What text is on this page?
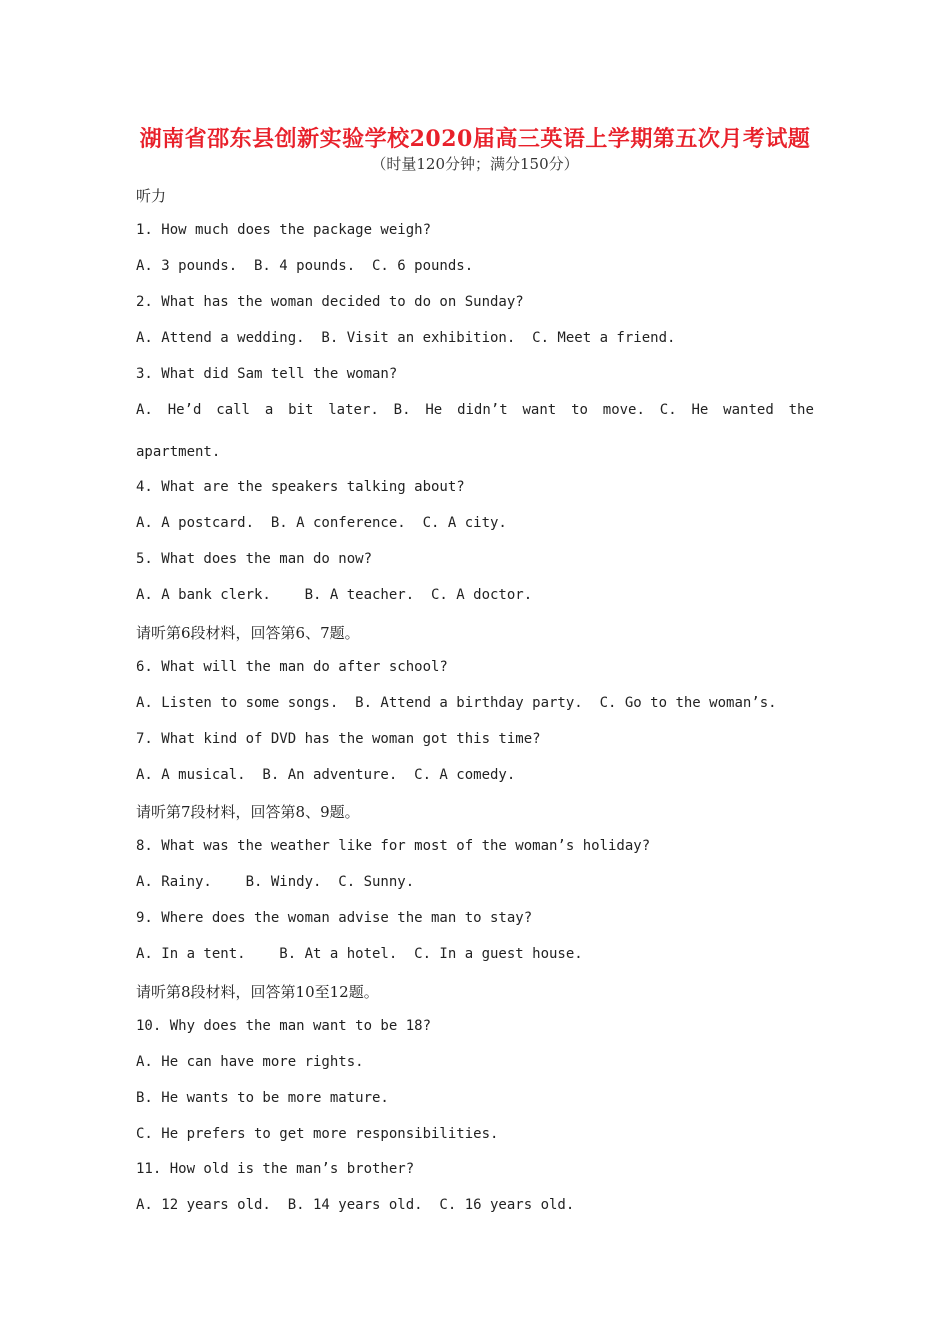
湖南省邵东县创新实验学校2020届高三英语上学期第五次月考试题
（时量120分钟；满分150分）
听力
1. How much does the package weigh?
A. 3 pounds.  B. 4 pounds.  C. 6 pounds.
2. What has the woman decided to do on Sunday?
A. Attend a wedding.  B. Visit an exhibition.  C. Meet a friend.
3. What did Sam tell the woman?
A. He’d call a bit later. B. He didn’t want to move. C. He wanted the
apartment.
4. What are the speakers talking about?
A. A postcard.  B. A conference.  C. A city.
5. What does the man do now?
A. A bank clerk.    B. A teacher.  C. A doctor.
请听第6段材料，回答第6、7题。
6. What will the man do after school?
A. Listen to some songs.  B. Attend a birthday party.  C. Go to the woman’s.
7. What kind of DVD has the woman got this time?
A. A musical.  B. An adventure.  C. A comedy.
请听第7段材料，回答第8、9题。
8. What was the weather like for most of the woman’s holiday?
A. Rainy.    B. Windy.  C. Sunny.
9. Where does the woman advise the man to stay?
A. In a tent.    B. At a hotel.  C. In a guest house.
请听第8段材料，回答第10至12题。
10. Why does the man want to be 18?
A. He can have more rights.
B. He wants to be more mature.
C. He prefers to get more responsibilities.
11. How old is the man’s brother?
A. 12 years old.  B. 14 years old.  C. 16 years old.
